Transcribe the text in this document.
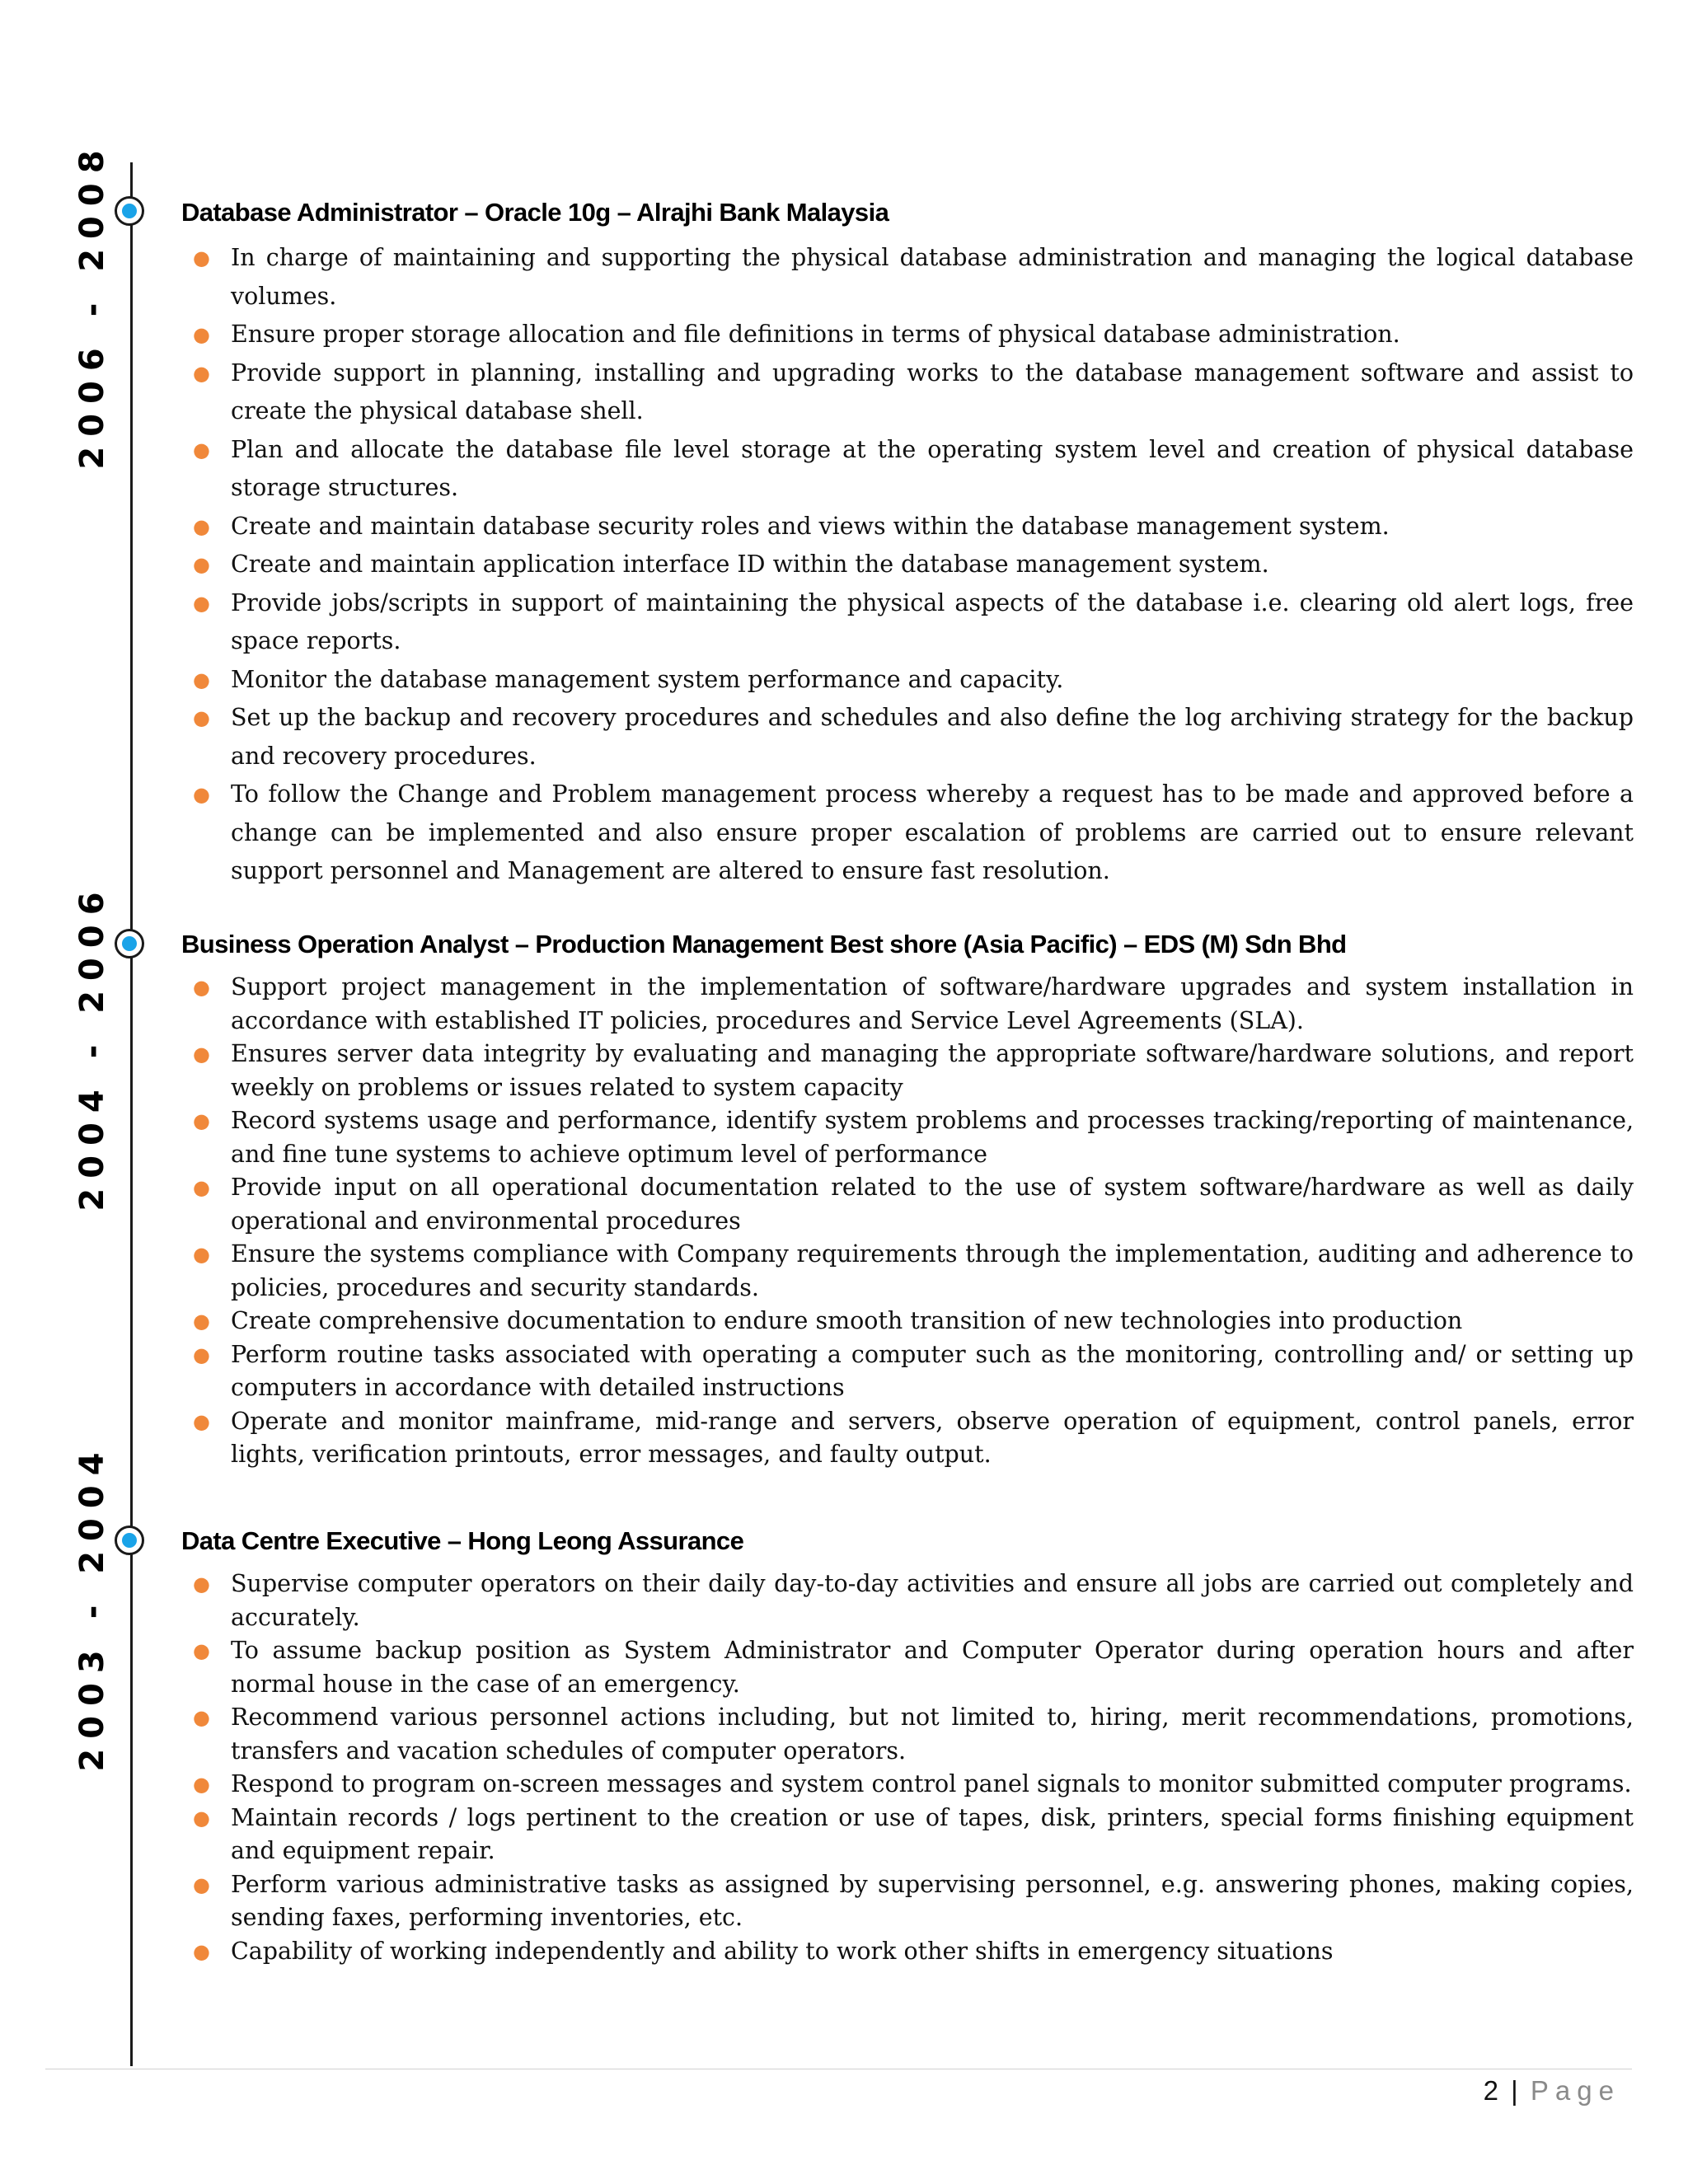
2006 - 2008
2004 - 2006
2003 - 2004
Database Administrator – Oracle 10g – Alrajhi Bank Malaysia
● In charge of maintaining and supporting the physical database administration and managing the logical database volumes.
● Ensure proper storage allocation and file definitions in terms of physical database administration.
● Provide support in planning, installing and upgrading works to the database management software and assist to create the physical database shell.
● Plan and allocate the database file level storage at the operating system level and creation of physical database storage structures.
● Create and maintain database security roles and views within the database management system.
● Create and maintain application interface ID within the database management system.
● Provide jobs/scripts in support of maintaining the physical aspects of the database i.e. clearing old alert logs, free space reports.
● Monitor the database management system performance and capacity.
● Set up the backup and recovery procedures and schedules and also define the log archiving strategy for the backup and recovery procedures.
● To follow the Change and Problem management process whereby a request has to be made and approved before a change can be implemented and also ensure proper escalation of problems are carried out to ensure relevant support personnel and Management are altered to ensure fast resolution.
Business Operation Analyst – Production Management Best shore (Asia Pacific) – EDS (M) Sdn Bhd
● Support project management in the implementation of software/hardware upgrades and system installation in accordance with established IT policies, procedures and Service Level Agreements (SLA).
● Ensures server data integrity by evaluating and managing the appropriate software/hardware solutions, and report weekly on problems or issues related to system capacity
● Record systems usage and performance, identify system problems and processes tracking/reporting of maintenance, and fine tune systems to achieve optimum level of performance
● Provide input on all operational documentation related to the use of system software/hardware as well as daily operational and environmental procedures
● Ensure the systems compliance with Company requirements through the implementation, auditing and adherence to policies, procedures and security standards.
● Create comprehensive documentation to endure smooth transition of new technologies into production
● Perform routine tasks associated with operating a computer such as the monitoring, controlling and/ or setting up computers in accordance with detailed instructions
● Operate and monitor mainframe, mid-range and servers, observe operation of equipment, control panels, error lights, verification printouts, error messages, and faulty output.
Data Centre Executive – Hong Leong Assurance
● Supervise computer operators on their daily day-to-day activities and ensure all jobs are carried out completely and accurately.
● To assume backup position as System Administrator and Computer Operator during operation hours and after normal house in the case of an emergency.
● Recommend various personnel actions including, but not limited to, hiring, merit recommendations, promotions, transfers and vacation schedules of computer operators.
● Respond to program on-screen messages and system control panel signals to monitor submitted computer programs.
● Maintain records / logs pertinent to the creation or use of tapes, disk, printers, special forms finishing equipment and equipment repair.
● Perform various administrative tasks as assigned by supervising personnel, e.g. answering phones, making copies, sending faxes, performing inventories, etc.
● Capability of working independently and ability to work other shifts in emergency situations
2 | Page
